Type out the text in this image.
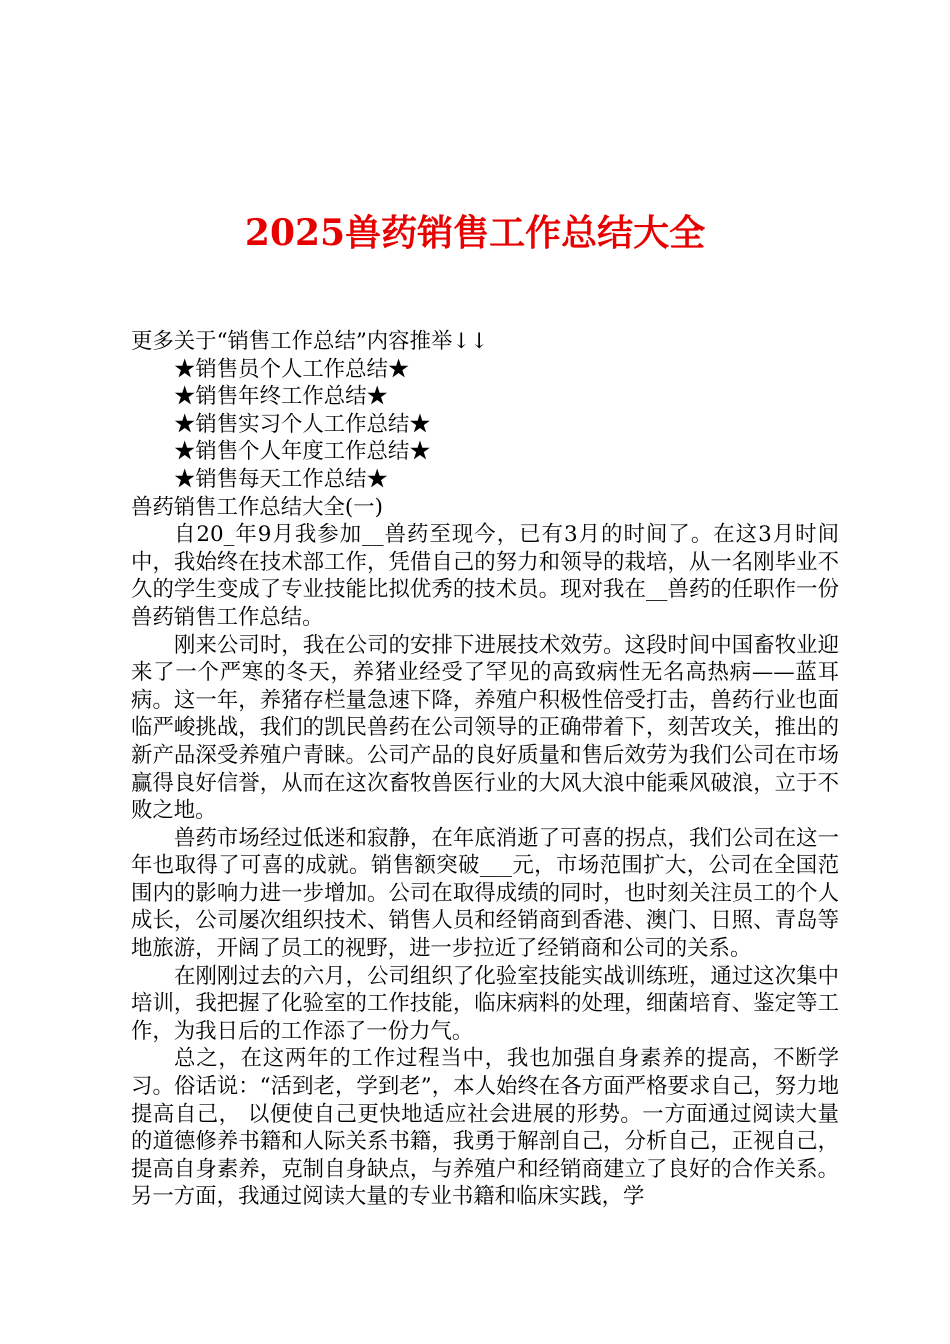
2025兽药销售工作总结大全

更多关于“销售工作总结”内容推举↓↓

★销售员个人工作总结★

★销售年终工作总结★

★销售实习个人工作总结★

★销售个人年度工作总结★

★销售每天工作总结★

兽药销售工作总结大全(一)

自20_年9月我参加__兽药至现今，已有3月的时间了。在这3月时间中，我始终在技术部工作，凭借自己的努力和领导的栽培，从一名刚毕业不久的学生变成了专业技能比拟优秀的技术员。现对我在__兽药的任职作一份兽药销售工作总结。

刚来公司时，我在公司的安排下进展技术效劳。这段时间中国畜牧业迎来了一个严寒的冬天，养猪业经受了罕见的高致病性无名高热病——蓝耳病。这一年，养猪存栏量急速下降，养殖户积极性倍受打击，兽药行业也面临严峻挑战，我们的凯民兽药在公司领导的正确带着下，刻苦攻关，推出的新产品深受养殖户青睐。公司产品的良好质量和售后效劳为我们公司在市场赢得良好信誉，从而在这次畜牧兽医行业的大风大浪中能乘风破浪，立于不败之地。

兽药市场经过低迷和寂静，在年底消逝了可喜的拐点，我们公司在这一年也取得了可喜的成就。销售额突破___元，市场范围扩大，公司在全国范围内的影响力进一步增加。公司在取得成绩的同时，也时刻关注员工的个人成长，公司屡次组织技术、销售人员和经销商到香港、澳门、日照、青岛等地旅游，开阔了员工的视野，进一步拉近了经销商和公司的关系。

在刚刚过去的六月，公司组织了化验室技能实战训练班，通过这次集中培训，我把握了化验室的工作技能，临床病料的处理，细菌培育、鉴定等工作，为我日后的工作添了一份力气。

总之，在这两年的工作过程当中，我也加强自身素养的提高，不断学习。俗话说：“活到老，学到老”，本人始终在各方面严格要求自己，努力地提高自己， 以便使自己更快地适应社会进展的形势。一方面通过阅读大量的道德修养书籍和人际关系书籍，我勇于解剖自己，分析自己，正视自己，提高自身素养，克制自身缺点，与养殖户和经销商建立了良好的合作关系。另一方面，我通过阅读大量的专业书籍和临床实践，学
